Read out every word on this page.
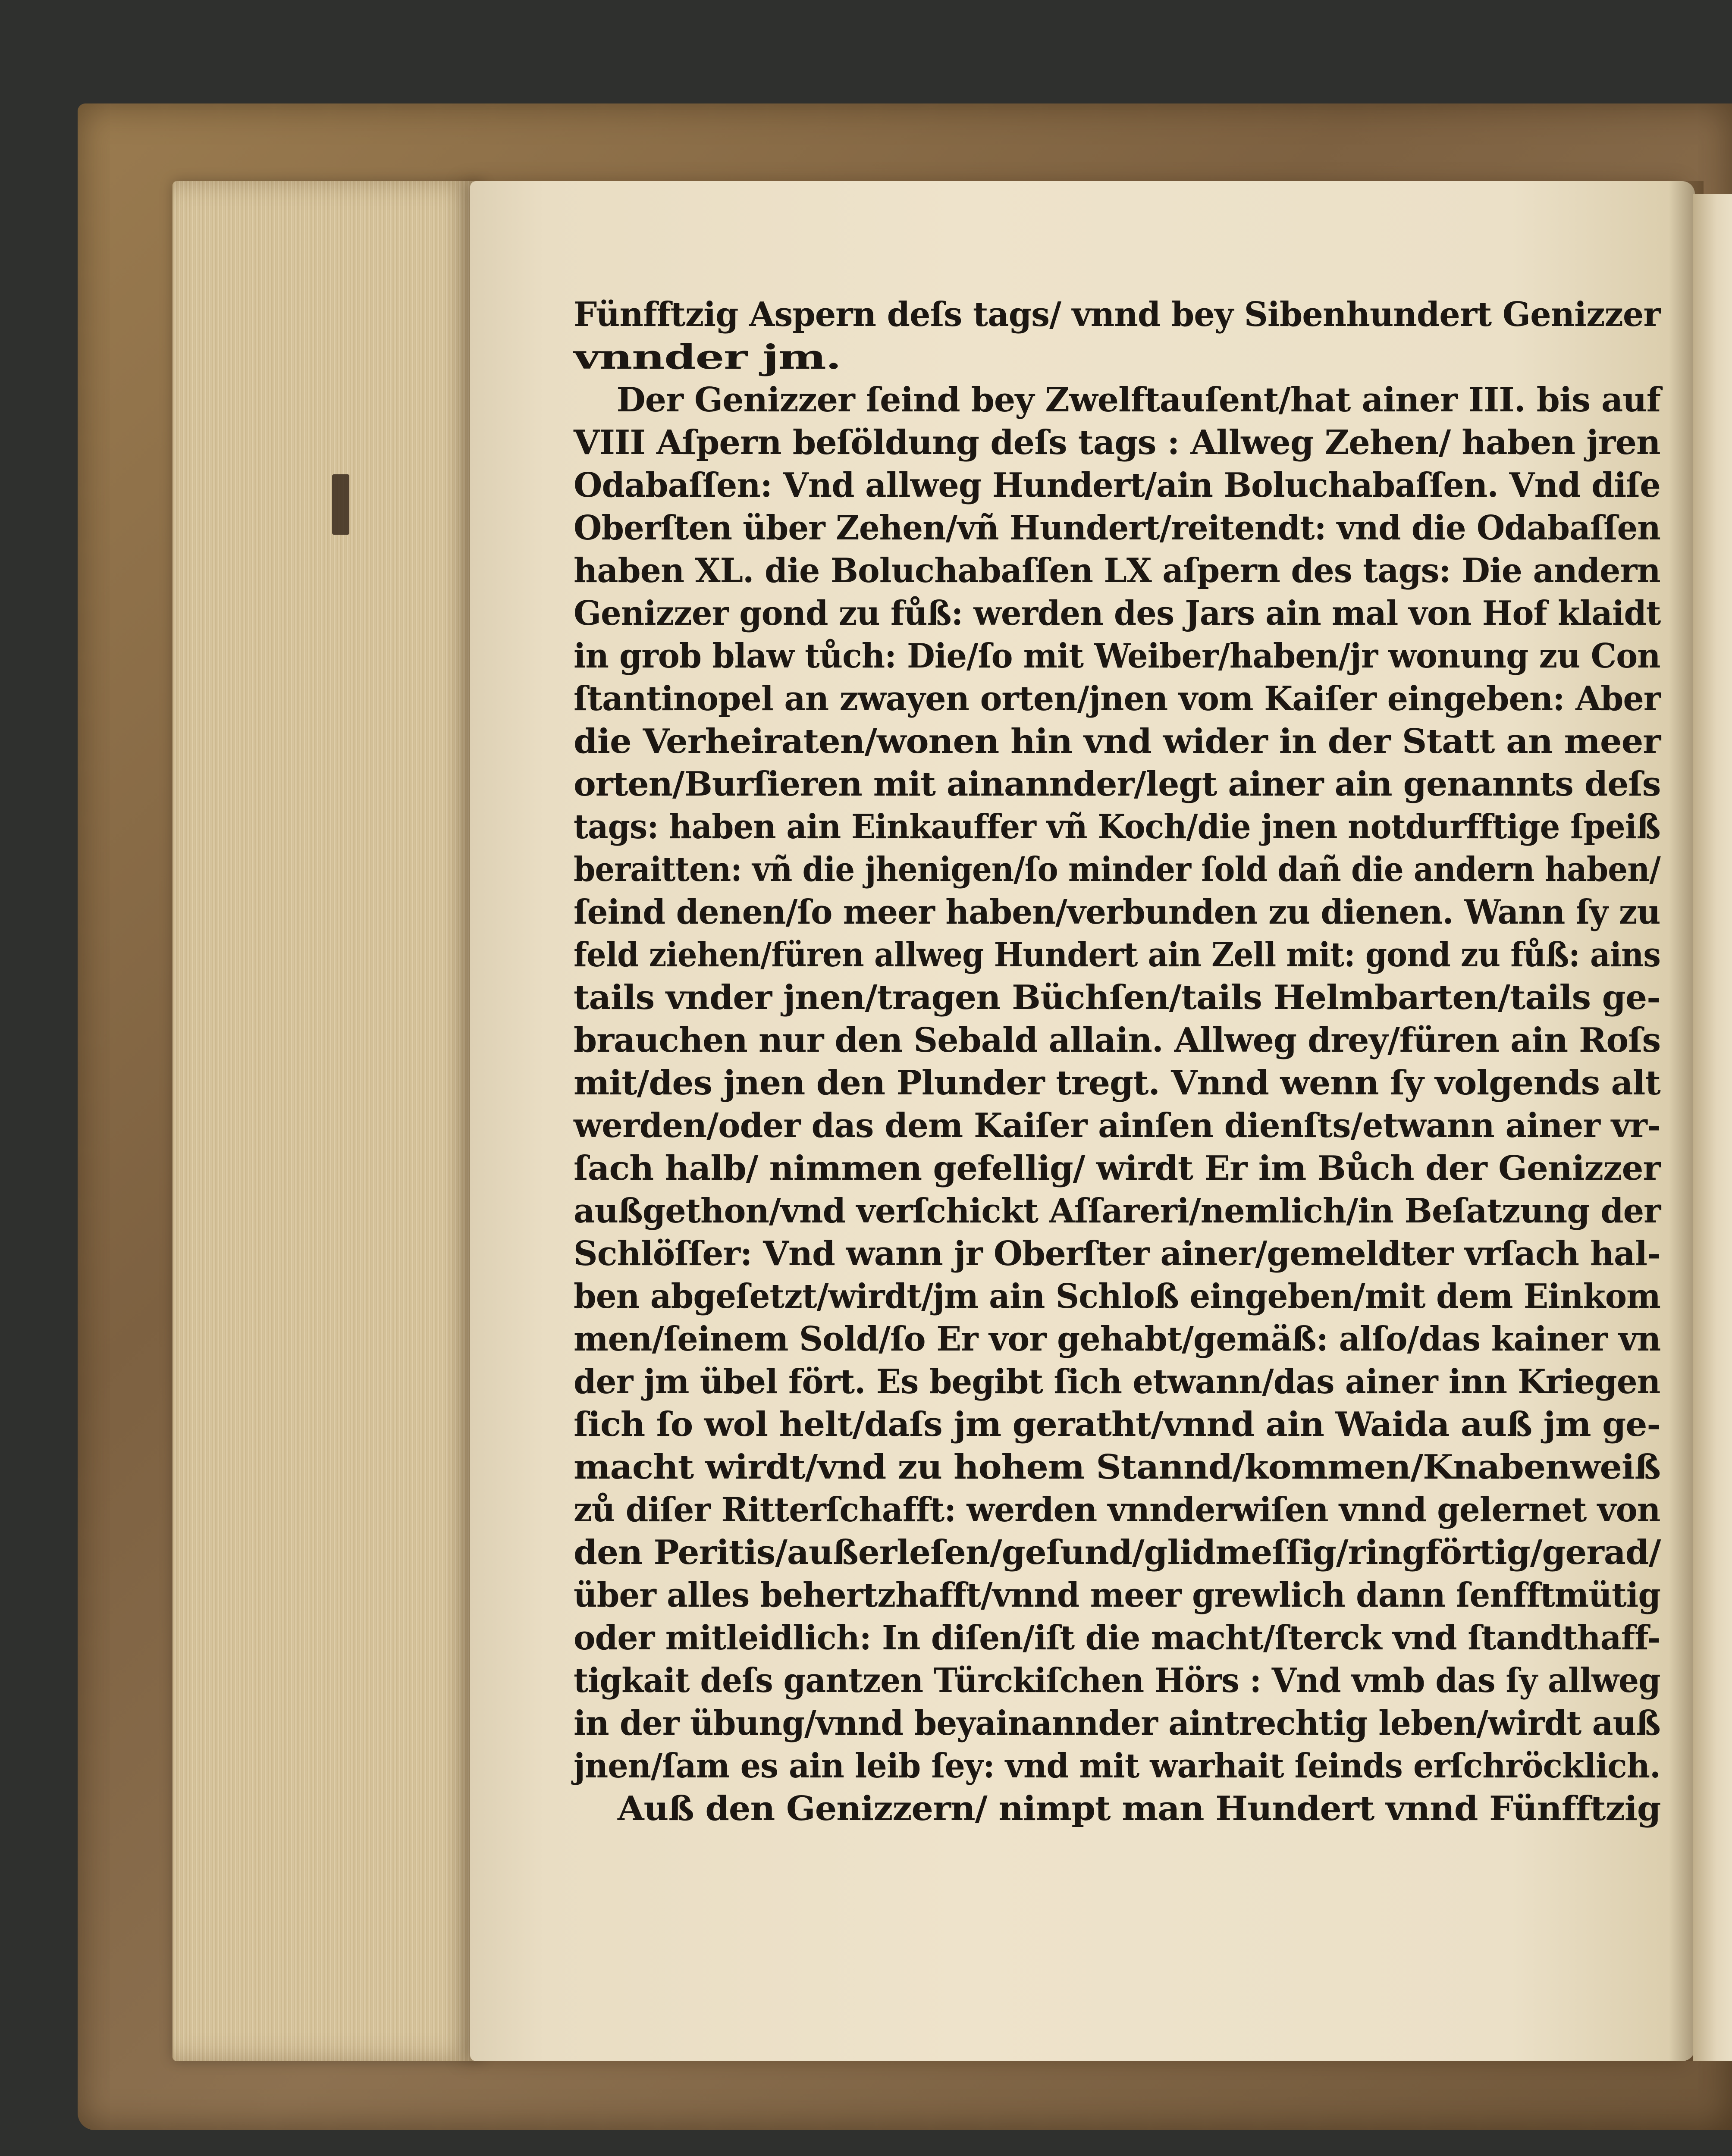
Fünfftzig Aspern deſs tags/ vnnd bey Sibenhundert Genizzer
vnnder jm.
Der Genizzer ſeind bey Zwelftauſent/hat ainer III. bis auf
VIII Aſpern beſöldung deſs tags : Allweg Zehen/ haben jren
Odabaſſen: Vnd allweg Hundert/ain Boluchabaſſen. Vnd diſe
Oberſten über Zehen/vñ Hundert/reitendt: vnd die Odabaſſen
haben XL. die Boluchabaſſen LX aſpern des tags: Die andern
Genizzer gond zu fůß: werden des Jars ain mal von Hof klaidt
in grob blaw tůch: Die/ſo mit Weiber/haben/jr wonung zu Con
ſtantinopel an zwayen orten/jnen vom Kaiſer eingeben: Aber
die Verheiraten/wonen hin vnd wider in der Statt an meer
orten/Burſieren mit ainannder/legt ainer ain genannts deſs
tags: haben ain Einkauffer vñ Koch/die jnen notdurfftige ſpeiß
beraitten: vñ die jhenigen/ſo minder ſold dañ die andern haben/
ſeind denen/ſo meer haben/verbunden zu dienen. Wann ſy zu
feld ziehen/füren allweg Hundert ain Zell mit: gond zu fůß: ains
tails vnder jnen/tragen Büchſen/tails Helmbarten/tails ge-
brauchen nur den Sebald allain. Allweg drey/füren ain Roſs
mit/des jnen den Plunder tregt. Vnnd wenn ſy volgends alt
werden/oder das dem Kaiſer ainſen dienſts/etwann ainer vr-
ſach halb/ nimmen gefellig/ wirdt Er im Bůch der Genizzer
außgethon/vnd verſchickt Aſſareri/nemlich/in Beſatzung der
Schlöſſer: Vnd wann jr Oberſter ainer/gemeldter vrſach hal-
ben abgeſetzt/wirdt/jm ain Schloß eingeben/mit dem Einkom
men/ſeinem Sold/ſo Er vor gehabt/gemäß: alſo/das kainer vn
der jm übel fört. Es begibt ſich etwann/das ainer inn Kriegen
ſich ſo wol helt/daſs jm geratht/vnnd ain Waida auß jm ge-
macht wirdt/vnd zu hohem Stannd/kommen/Knabenweiß
zů diſer Ritterſchafft: werden vnnderwiſen vnnd gelernet von
den Peritis/außerleſen/geſund/glidmeſſig/ringförtig/gerad/
über alles behertzhafft/vnnd meer grewlich dann ſenfftmütig
oder mitleidlich: In diſen/iſt die macht/ſterck vnd ſtandthaff-
tigkait deſs gantzen Türckiſchen Hörs : Vnd vmb das ſy allweg
in der übung/vnnd beyainannder aintrechtig leben/wirdt auß
jnen/ſam es ain leib ſey: vnd mit warhait ſeinds erſchröcklich.
Auß den Genizzern/ nimpt man Hundert vnnd Fünfftzig
